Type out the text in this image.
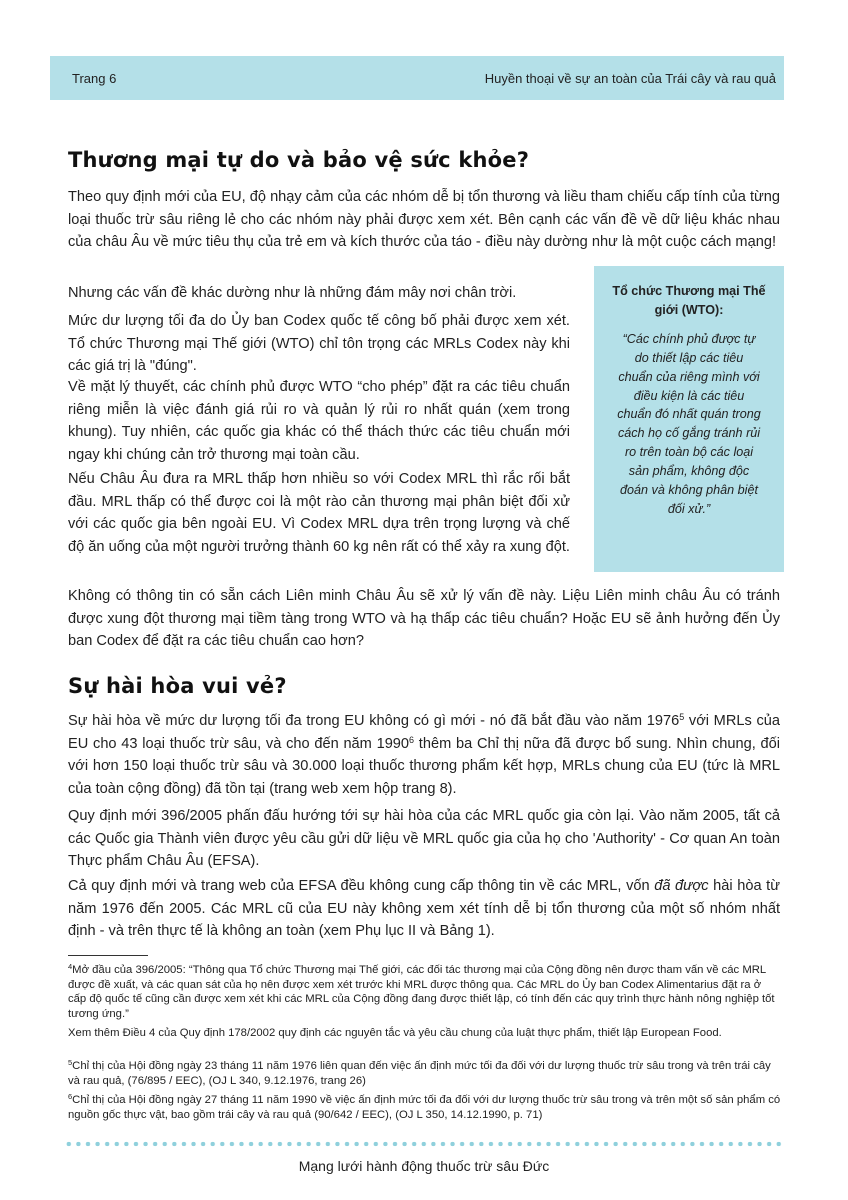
Trang 6	Huyền thoại về sự an toàn của Trái cây và rau quả
Thương mại tự do và bảo vệ sức khỏe?

Theo quy định mới của EU, độ nhạy cảm của các nhóm dễ bị tổn thương và liều tham chiếu cấp tính của từng loại thuốc trừ sâu riêng lẻ cho các nhóm này phải được xem xét. Bên cạnh các vấn đề về dữ liệu khác nhau của châu Âu về mức tiêu thụ của trẻ em và kích thước của táo - điều này dường như là một cuộc cách mạng!

Nhưng các vấn đề khác dường như là những đám mây nơi chân trời.

Mức dư lượng tối đa do Ủy ban Codex quốc tế công bố phải được xem xét. Tổ chức Thương mại Thế giới (WTO) chỉ tôn trọng các MRLs Codex này khi các giá trị là "đúng".

Về mặt lý thuyết, các chính phủ được WTO “cho phép” đặt ra các tiêu chuẩn riêng miễn là việc đánh giá rủi ro và quản lý rủi ro nhất quán (xem trong khung). Tuy nhiên, các quốc gia khác có thể thách thức các tiêu chuẩn mới ngay khi chúng cản trở thương mại toàn cầu.

Nếu Châu Âu đưa ra MRL thấp hơn nhiều so với Codex MRL thì rắc rối bắt đầu. MRL thấp có thể được coi là một rào cản thương mại phân biệt đối xử với các quốc gia bên ngoài EU. Vì Codex MRL dựa trên trọng lượng và chế độ ăn uống của một người trưởng thành 60 kg nên rất có thể xảy ra xung đột.

Tổ chức Thương mại Thế giới (WTO):
“Các chính phủ được tự do thiết lập các tiêu chuẩn của riêng mình với điều kiện là các tiêu chuẩn đó nhất quán trong cách họ cố gắng tránh rủi ro trên toàn bộ các loại sản phẩm, không độc đoán và không phân biệt đối xử.”

Không có thông tin có sẵn cách Liên minh Châu Âu sẽ xử lý vấn đề này. Liệu Liên minh châu Âu có tránh được xung đột thương mại tiềm tàng trong WTO và hạ thấp các tiêu chuẩn? Hoặc EU sẽ ảnh hưởng đến Ủy ban Codex để đặt ra các tiêu chuẩn cao hơn?

Sự hài hòa vui vẻ?

Sự hài hòa về mức dư lượng tối đa trong EU không có gì mới - nó đã bắt đầu vào năm 1976$^5$ với MRLs của EU cho 43 loại thuốc trừ sâu, và cho đến năm 1990$^6$ thêm ba Chỉ thị nữa đã được bổ sung. Nhìn chung, đối với hơn 150 loại thuốc trừ sâu và 30.000 loại thuốc thương phẩm kết hợp, MRLs chung của EU (tức là MRL của toàn cộng đồng) đã tồn tại (trang web xem hộp trang 8).

Quy định mới 396/2005 phấn đấu hướng tới sự hài hòa của các MRL quốc gia còn lại. Vào năm 2005, tất cả các Quốc gia Thành viên được yêu cầu gửi dữ liệu về MRL quốc gia của họ cho 'Authority' - Cơ quan An toàn Thực phẩm Châu Âu (EFSA).

Cả quy định mới và trang web của EFSA đều không cung cấp thông tin về các MRL, vốn đã được hài hòa từ năm 1976 đến 2005. Các MRL cũ của EU này không xem xét tính dễ bị tổn thương của một số nhóm nhất định - và trên thực tế là không an toàn (xem Phụ lục II và Bảng 1).

$^4$Mở đầu của 396/2005: “Thông qua Tổ chức Thương mại Thế giới, các đối tác thương mại của Cộng đồng nên được tham vấn về các MRL được đề xuất, và các quan sát của họ nên được xem xét trước khi MRL được thông qua. Các MRL do Ủy ban Codex Alimentarius đặt ra ở cấp độ quốc tế cũng cần được xem xét khi các MRL của Cộng đồng đang được thiết lập, có tính đến các quy trình thực hành nông nghiệp tốt tương ứng.”

Xem thêm Điều 4 của Quy định 178/2002 quy định các nguyên tắc và yêu cầu chung của luật thực phẩm, thiết lập European Food.

$^5$Chỉ thị của Hội đồng ngày 23 tháng 11 năm 1976 liên quan đến việc ấn định mức tối đa đối với dư lượng thuốc trừ sâu trong và trên trái cây và rau quả, (76/895 / EEC), (OJ L 340, 9.12.1976, trang 26)

$^6$Chỉ thị của Hội đồng ngày 27 tháng 11 năm 1990 về việc ấn định mức tối đa đối với dư lượng thuốc trừ sâu trong và trên một số sản phẩm có nguồn gốc thực vật, bao gồm trái cây và rau quả (90/642 / EEC), (OJ L 350, 14.12.1990, p. 71)

Mạng lưới hành động thuốc trừ sâu Đức
